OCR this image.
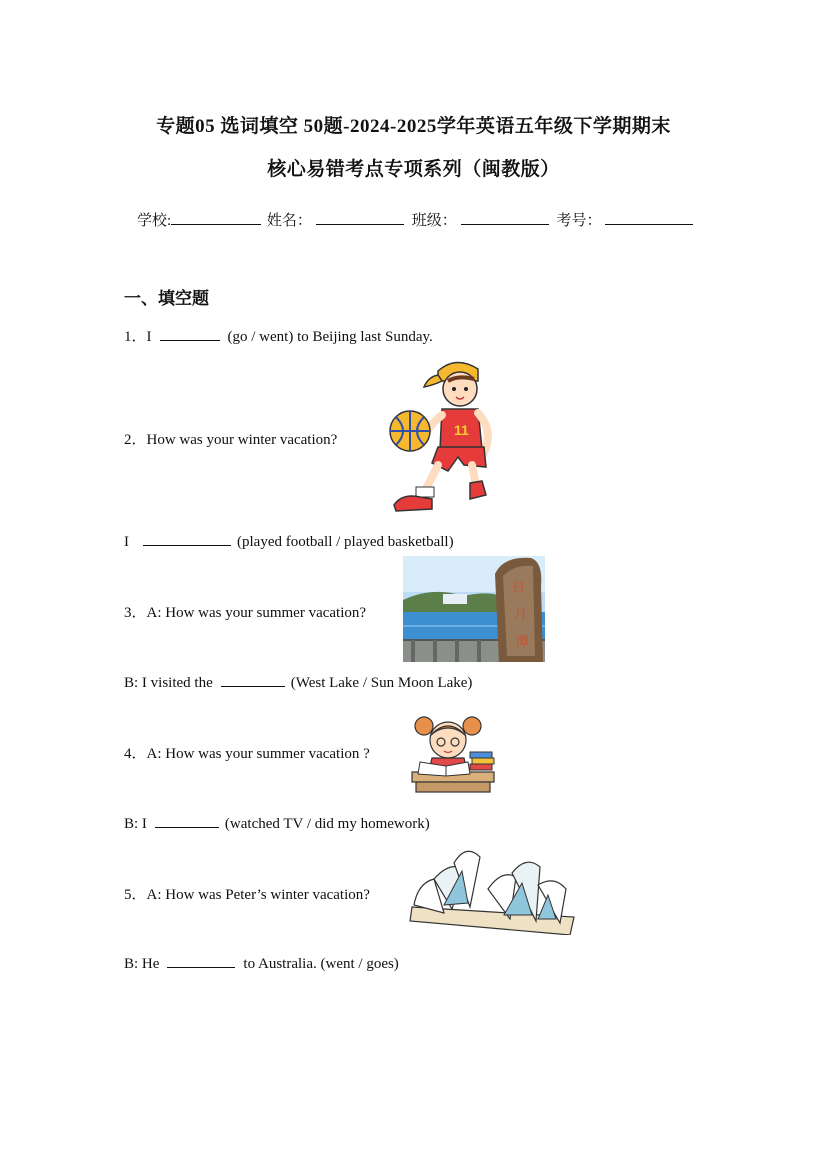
专题05 选词填空 50题-2024-2025学年英语五年级下学期期末
核心易错考点专项系列（闽教版）
学校:	姓名：	班级：	考号：
一、填空题
1．I	(go / went) to Beijing last Sunday.
2．How was your winter vacation?
11
I	(played football / played basketball)
3．A: How was your summer vacation?
日
月
潭
B: I visited the	(West Lake / Sun Moon Lake)
4．A: How was your summer vacation ?
B: I	(watched TV / did my homework)
5．A: How was Peter’s winter vacation?
B: He	to Australia. (went / goes)
